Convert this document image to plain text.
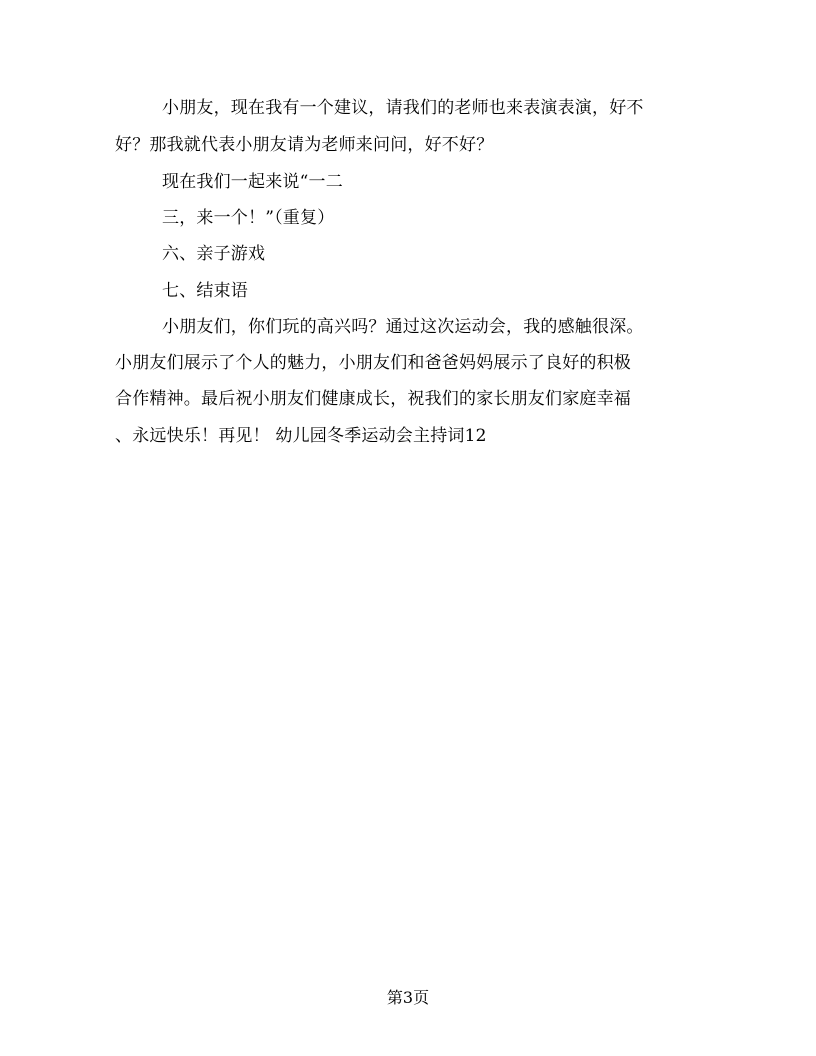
小朋友，现在我有一个建议，请我们的老师也来表演表演，好不
好？那我就代表小朋友请为老师来问问，好不好？
现在我们一起来说“一二
三，来一个！”（重复）
六、亲子游戏
七、结束语
小朋友们，你们玩的高兴吗？通过这次运动会，我的感触很深。
小朋友们展示了个人的魅力，小朋友们和爸爸妈妈展示了良好的积极
合作精神。最后祝小朋友们健康成长，祝我们的家长朋友们家庭幸福
、永远快乐！再见！ 幼儿园冬季运动会主持词12
第3页
